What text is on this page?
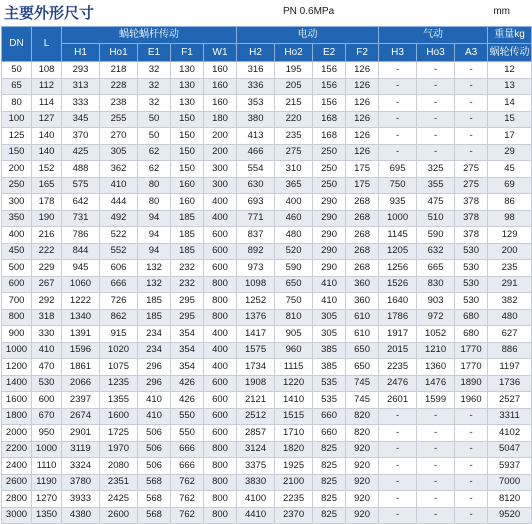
主要外形尺寸	PN 0.6MPa	mm
DN	L	蜗轮蜗杆传动					电动				气动			重量kg
		H1	Ho1	E1	F1	W1	H2	Ho2	E2	F2	H3	Ho3	A3	蜗轮传动
50	108	293	218	32	130	160	316	195	156	126	-	-	-	12
65	112	313	228	32	130	160	336	205	156	126	-	-	-	13
80	114	333	238	32	130	160	353	215	156	126	-	-	-	14
100	127	345	255	50	150	180	380	220	168	126	-	-	-	15
125	140	370	270	50	150	200	413	235	168	126	-	-	-	17
150	140	425	305	62	150	200	466	275	250	126	-	-	-	29
200	152	488	362	62	150	300	554	310	250	175	695	325	275	45
250	165	575	410	80	160	300	630	365	250	175	750	355	275	69
300	178	642	444	80	160	400	693	400	290	268	935	475	378	86
350	190	731	492	94	185	400	771	460	290	268	1000	510	378	98
400	216	786	522	94	185	600	837	480	290	268	1145	590	378	129
450	222	844	552	94	185	600	892	520	290	268	1205	632	530	200
500	229	945	606	132	232	600	973	590	290	268	1256	665	530	235
600	267	1060	666	132	232	800	1098	650	410	360	1526	830	530	291
700	292	1222	726	185	295	800	1252	750	410	360	1640	903	530	382
800	318	1340	862	185	295	800	1376	810	305	610	1786	972	680	480
900	330	1391	915	234	354	400	1417	905	305	610	1917	1052	680	627
1000	410	1596	1020	234	354	400	1575	960	385	650	2015	1210	1770	886
1200	470	1861	1075	296	354	400	1734	1115	385	650	2235	1360	1770	1197
1400	530	2066	1235	296	426	600	1908	1220	535	745	2476	1476	1890	1736
1600	600	2397	1355	410	426	600	2121	1410	535	745	2601	1599	1960	2527
1800	670	2674	1600	410	550	600	2512	1515	660	820	-	-	-	3311
2000	950	2901	1725	506	550	600	2857	1710	660	820	-	-	-	4102
2200	1000	3119	1970	506	666	800	3124	1820	825	920	-	-	-	5047
2400	1110	3324	2080	506	666	800	3375	1925	825	920	-	-	-	5937
2600	1190	3780	2351	568	762	800	3830	2100	825	920	-	-	-	7000
2800	1270	3933	2425	568	762	800	4100	2235	825	920	-	-	-	8120
3000	1350	4380	2600	568	762	800	4410	2370	825	920	-	-	-	9520
